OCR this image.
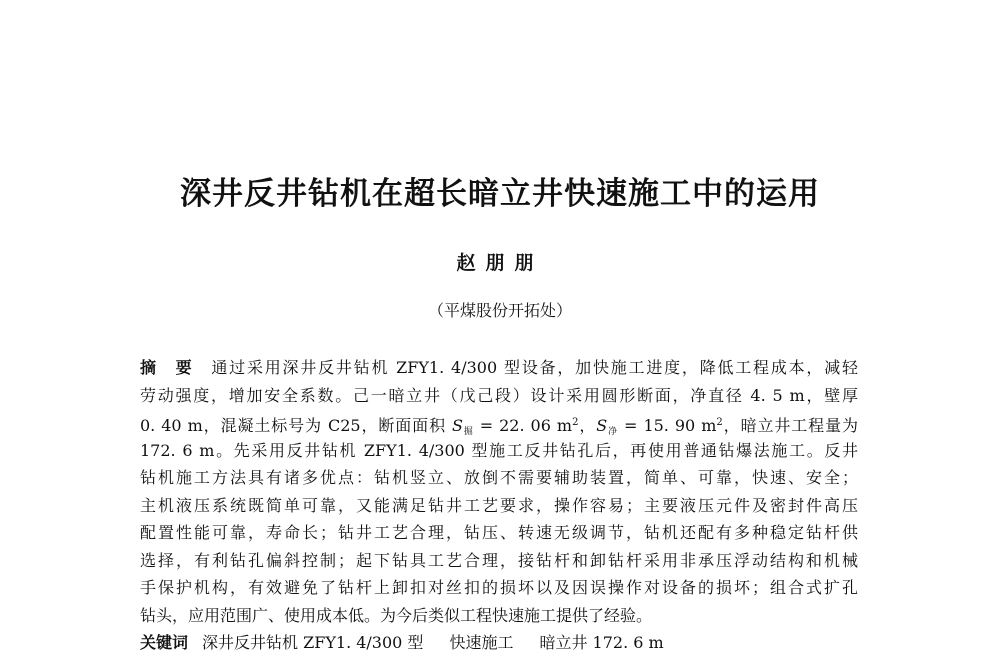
深井反井钻机在超长暗立井快速施工中的运用
赵朋朋
（平煤股份开拓处）
摘　要 通过采用深井反井钻机 ZFY1. 4/300 型设备，加快施工进度，降低工程成本，减轻
劳动强度，增加安全系数。己一暗立井（戊己段）设计采用圆形断面，净直径 4. 5 m，壁厚
0. 40 m，混凝土标号为 C25，断面面积 $S_掘 = 22$. 06 $m^2$，$S_净 = 15$. 90 $m^2$，暗立井工程量为
172. 6 m。先采用反井钻机 ZFY1. 4/300 型施工反井钻孔后，再使用普通钻爆法施工。反井
钻机施工方法具有诸多优点：钻机竖立、放倒不需要辅助装置，简单、可靠，快速、安全；
主机液压系统既简单可靠，又能满足钻井工艺要求，操作容易；主要液压元件及密封件高压
配置性能可靠，寿命长；钻井工艺合理，钻压、转速无级调节，钻机还配有多种稳定钻杆供
选择，有利钻孔偏斜控制；起下钻具工艺合理，接钻杆和卸钻杆采用非承压浮动结构和机械
手保护机构，有效避免了钻杆上卸扣对丝扣的损坏以及因误操作对设备的损坏；组合式扩孔
钻头，应用范围广、使用成本低。为今后类似工程快速施工提供了经验。
关键词 深井反井钻机 ZFY1. 4/300 型 快速施工 暗立井 172. 6 m
